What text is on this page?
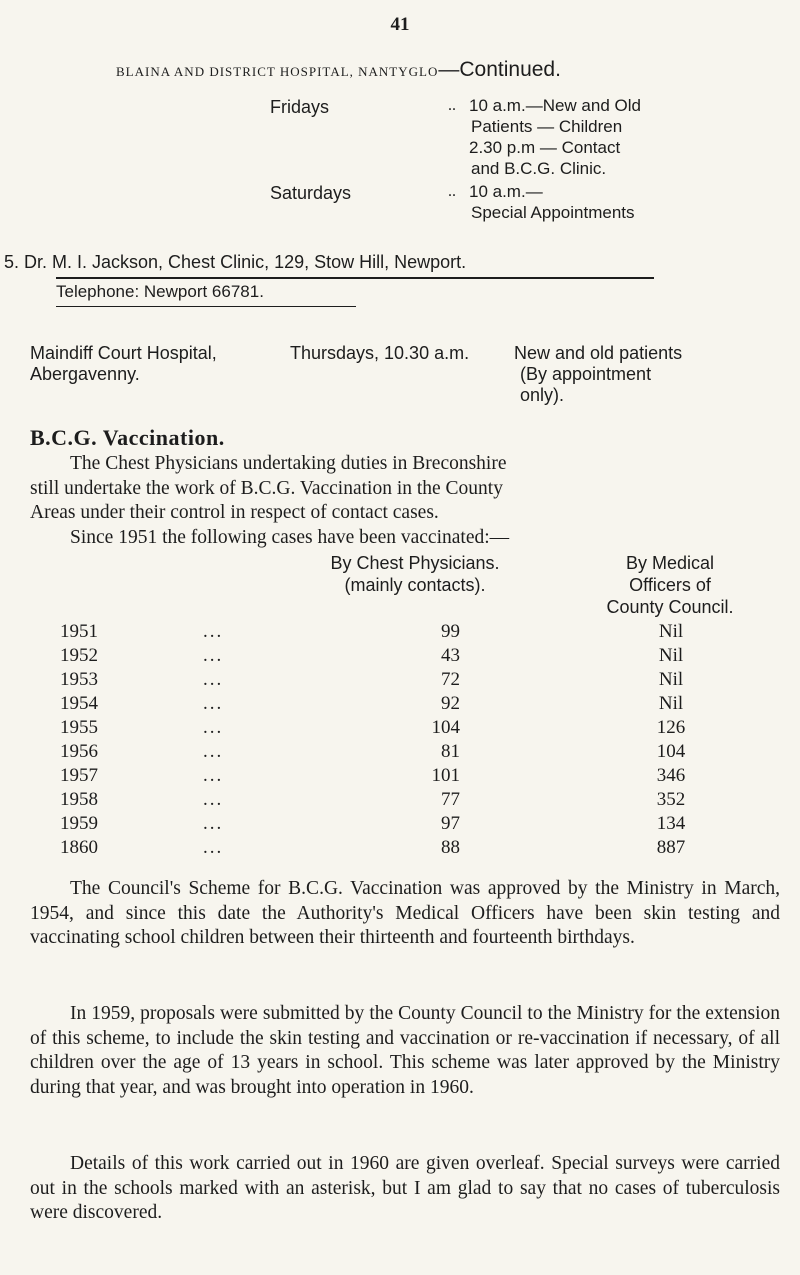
41
BLAINA AND DISTRICT HOSPITAL, NANTYGLO—Continued.
Fridays	.. 10 a.m.—New and Old
Patients — Children
2.30 p.m — Contact
and B.C.G. Clinic.
Saturdays	.. 10 a.m.—
Special Appointments
5. Dr. M. I. Jackson, Chest Clinic, 129, Stow Hill, Newport.
Telephone: Newport 66781.
Maindiff Court Hospital,
Abergavenny.
Thursdays, 10.30 a.m. New and old patients
(By appointment
only).
B.C.G. Vaccination.
The Chest Physicians undertaking duties in Breconshire
still undertake the work of B.C.G. Vaccination in the County
Areas under their control in respect of contact cases.
Since 1951 the following cases have been vaccinated:—
By Chest Physicians.
(mainly contacts).
By Medical
Officers of
County Council.
1951	...	99	Nil
1952	...	43	Nil
1953	...	72	Nil
1954	...	92	Nil
1955	...	104	126
1956	...	81	104
1957	...	101	346
1958	...	77	352
1959	...	97	134
1860	...	88	887
The Council's Scheme for B.C.G. Vaccination was approved by the Ministry in March, 1954, and since this date the Authority's Medical Officers have been skin testing and vaccinating school children between their thirteenth and fourteenth birthdays.
In 1959, proposals were submitted by the County Council to the Ministry for the extension of this scheme, to include the skin testing and vaccination or re-vaccination if necessary, of all children over the age of 13 years in school. This scheme was later approved by the Ministry during that year, and was brought into operation in 1960.
Details of this work carried out in 1960 are given overleaf. Special surveys were carried out in the schools marked with an asterisk, but I am glad to say that no cases of tuberculosis were discovered.
